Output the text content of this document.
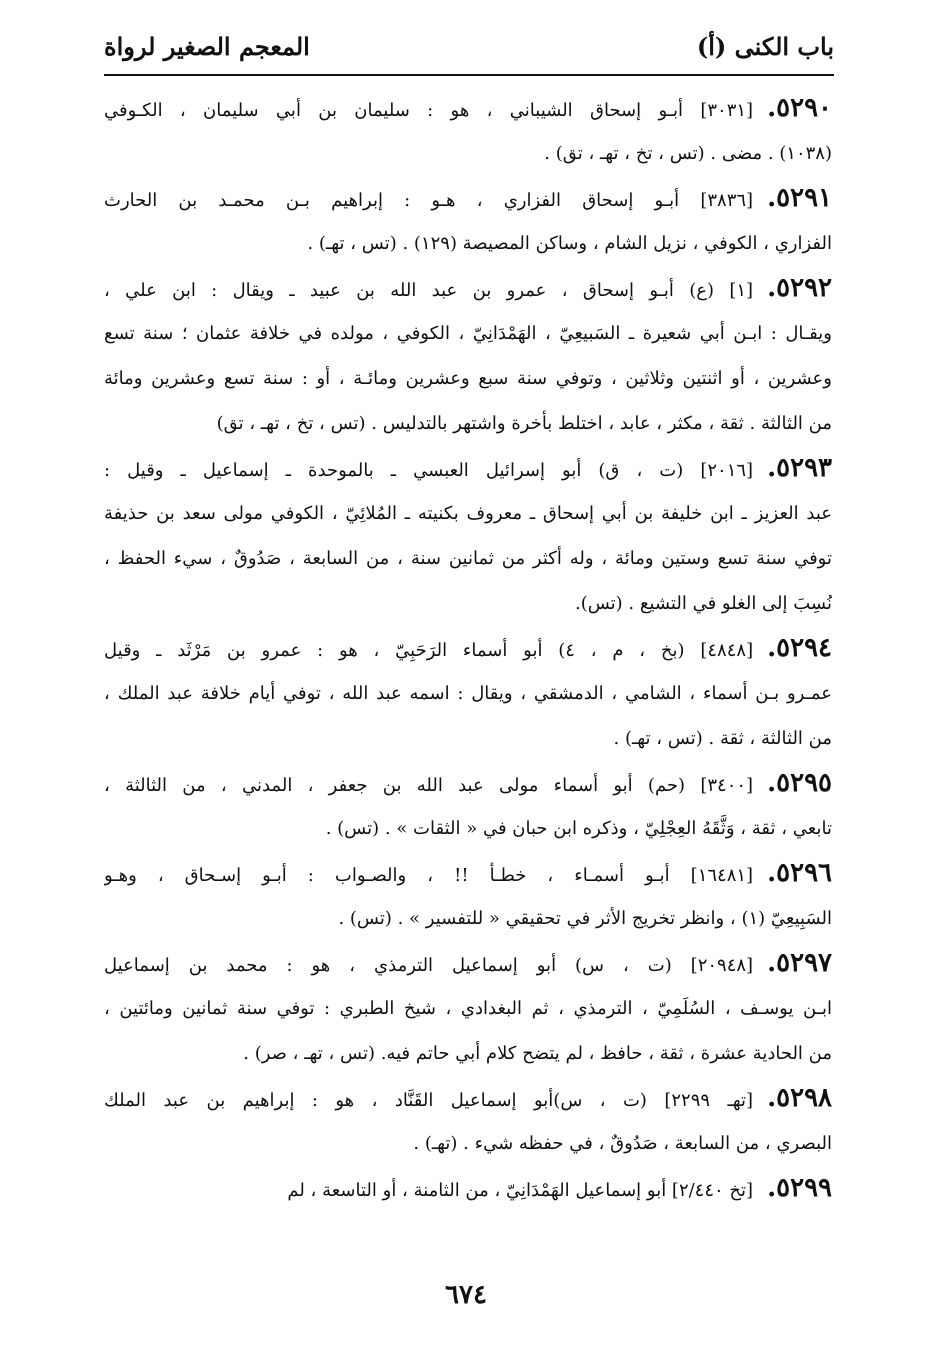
باب الكنى (أ)
المعجم الصغير لرواة
٥٢٩٠.[٣٠٣١] أبـو إسحاق الشيباني ، هو : سليمان بن أبي سليمان ، الكـوفي
(١٠٣٨) . مضى . (تس ، تخ ، تهـ ، تق) .
٥٢٩١.[٣٨٣٦] أبـو إسحاق الفزاري ، هـو : إبراهيم بـن محمـد بن الحارث
الفزاري ، الكوفي ، نزيل الشام ، وساكن المصيصة (١٢٩) . (تس ، تهـ) .
٥٢٩٢.[١] (ع) أبـو إسحاق ، عمرو بن عبد الله بن عبيد ـ ويقال : ابن علي ،
ويقـال : ابـن أبي شعيرة ـ السَبيعِيّ ، الهَمْدَانِيّ ، الكوفي ، مولده في خلافة عثمان ؛ سنة تسع
وعشرين ، أو اثنتين وثلاثين ، وتوفي سنة سبع وعشرين ومائـة ، أو : سنة تسع وعشرين ومائة
من الثالثة . ثقة ، مكثر ، عابد ، اختلط بأخرة واشتهر بالتدليس . (تس ، تخ ، تهـ ، تق)
٥٢٩٣.[٢٠١٦] (ت ، ق) أبو إسرائيل العبسي ـ بالموحدة ـ إسماعيل ـ وقيل :
عبد العزيز ـ ابن خليفة بن أبي إسحاق ـ معروف بكنيته ـ المُلائِيّ ، الكوفي مولى سعد بن حذيفة
توفي سنة تسع وستين ومائة ، وله أكثر من ثمانين سنة ، من السابعة ، صَدُوقٌ ، سيء الحفظ ،
نُسِبَ إلى الغلو في التشيع . (تس).
٥٢٩٤.[٤٨٤٨] (بخ ، م ، ٤) أبو أسماء الرَحَبِيّ ، هو : عمرو بن مَرْثَد ـ وقيل
عمـرو بـن أسماء ، الشامي ، الدمشقي ، ويقال : اسمه عبد الله ، توفي أيام خلافة عبد الملك ،
من الثالثة ، ثقة . (تس ، تهـ) .
٥٢٩٥.[٣٤٠٠] (حم) أبو أسماء مولى عبد الله بن جعفر ، المدني ، من الثالثة ،
تابعي ، ثقة ، وَثَّقَهُ العِجْلِيّ ، وذكره ابن حبان في « الثقات » . (تس) .
٥٢٩٦.[١٦٤٨١] أبـو أسمـاء ، خطـأ !! ، والصـواب : أبـو إسـحاق ، وهـو
السَبِيعِيّ (١) ، وانظر تخريج الأثر في تحقيقي « للتفسير » . (تس) .
٥٢٩٧.[٢٠٩٤٨] (ت ، س) أبو إسماعيل الترمذي ، هو : محمد بن إسماعيل
ابـن يوسـف ، السُلَمِيّ ، الترمذي ، ثم البغدادي ، شيخ الطبري : توفي سنة ثمانين ومائتين ،
من الحادية عشرة ، ثقة ، حافظ ، لم يتضح كلام أبي حاتم فيه. (تس ، تهـ ، صر) .
٥٢٩٨.[تهـ ٢٢٩٩] (ت ، س)أبو إسماعيل القَنَّاد ، هو : إبراهيم بن عبد الملك
البصري ، من السابعة ، صَدُوقٌ ، في حفظه شيء . (تهـ) .
٥٢٩٩.[تخ ٢/٤٤٠] أبو إسماعيل الهَمْدَانِيّ ، من الثامنة ، أو التاسعة ، لم
٦٧٤
